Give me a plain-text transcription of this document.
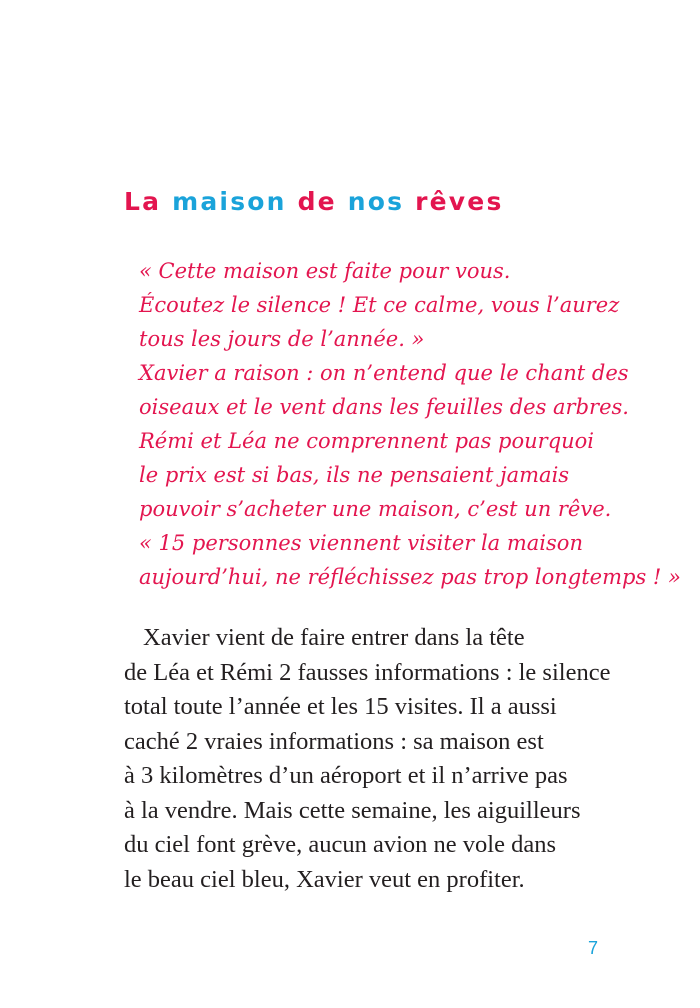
La maison de nos rêves
« Cette maison est faite pour vous.
Écoutez le silence ! Et ce calme, vous l’aurez
tous les jours de l’année. »
Xavier a raison : on n’entend que le chant des
oiseaux et le vent dans les feuilles des arbres.
Rémi et Léa ne comprennent pas pourquoi
le prix est si bas, ils ne pensaient jamais
pouvoir s’acheter une maison, c’est un rêve.
« 15 personnes viennent visiter la maison
aujourd’hui, ne réfléchissez pas trop longtemps ! »
Xavier vient de faire entrer dans la tête
de Léa et Rémi 2 fausses informations : le silence
total toute l’année et les 15 visites. Il a aussi
caché 2 vraies informations : sa maison est
à 3 kilomètres d’un aéroport et il n’arrive pas
à la vendre. Mais cette semaine, les aiguilleurs
du ciel font grève, aucun avion ne vole dans
le beau ciel bleu, Xavier veut en profiter.
7
